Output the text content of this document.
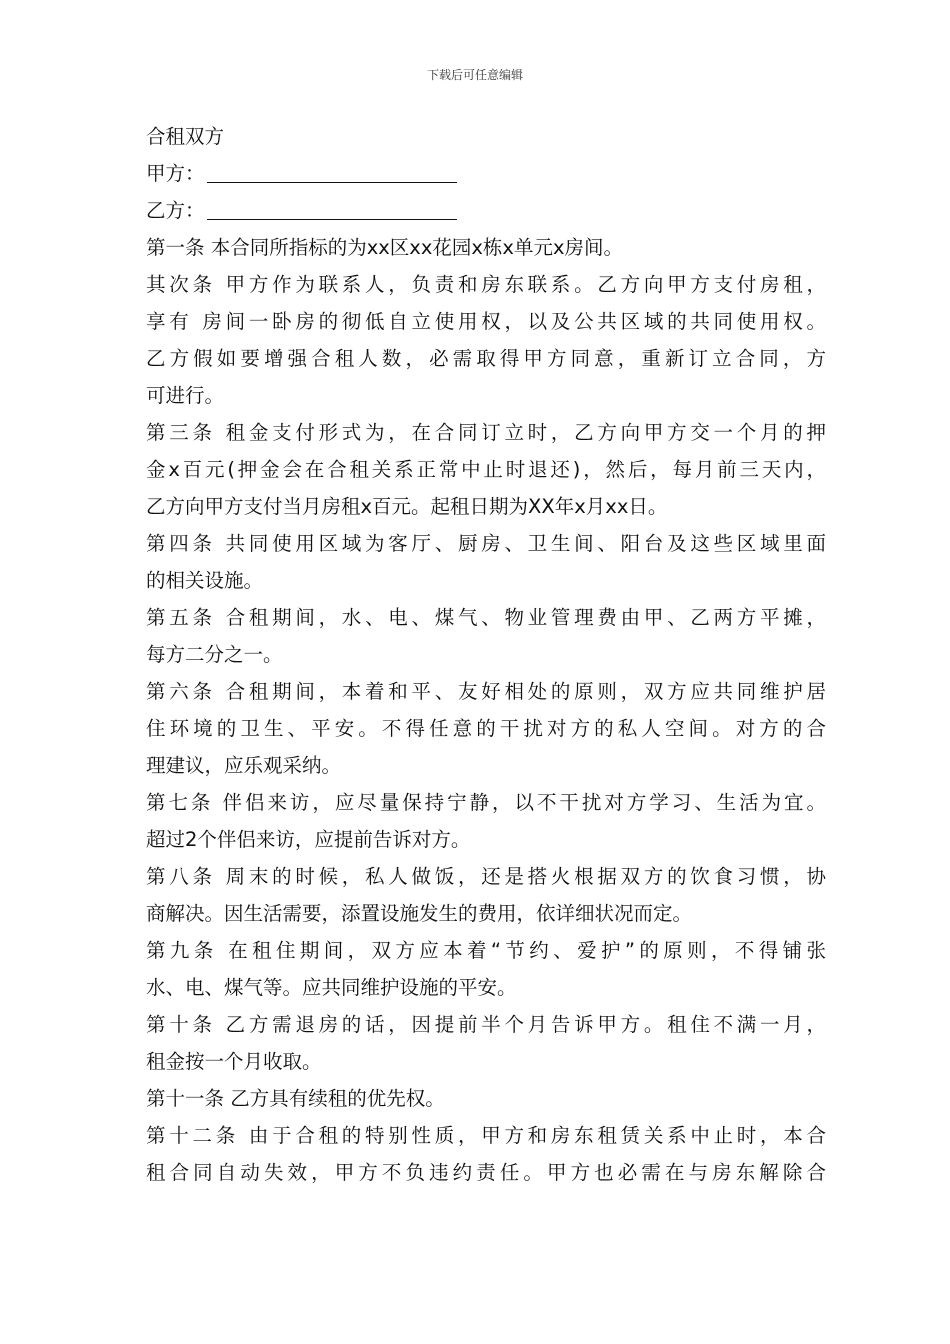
下载后可任意编辑
合租双方
甲方：
乙方：
第一条 本合同所指标的为xx区xx花园x栋x单元x房间。
其次条 甲方作为联系人，负责和房东联系。乙方向甲方支付房租，
享有 房间一卧房的彻低自立使用权，以及公共区域的共同使用权。
乙方假如要增强合租人数，必需取得甲方同意，重新订立合同，方
可进行。
第三条 租金支付形式为，在合同订立时，乙方向甲方交一个月的押
金x百元(押金会在合租关系正常中止时退还)，然后，每月前三天内，
乙方向甲方支付当月房租x百元。起租日期为XX年x月xx日。
第四条 共同使用区域为客厅、厨房、卫生间、阳台及这些区域里面
的相关设施。
第五条 合租期间，水、电、煤气、物业管理费由甲、乙两方平摊，
每方二分之一。
第六条 合租期间，本着和平、友好相处的原则，双方应共同维护居
住环境的卫生、平安。不得任意的干扰对方的私人空间。对方的合
理建议，应乐观采纳。
第七条 伴侣来访，应尽量保持宁静，以不干扰对方学习、生活为宜。
超过2个伴侣来访，应提前告诉对方。
第八条 周末的时候，私人做饭，还是搭火根据双方的饮食习惯，协
商解决。因生活需要，添置设施发生的费用，依详细状况而定。
第九条 在租住期间，双方应本着“节约、爱护”的原则，不得铺张
水、电、煤气等。应共同维护设施的平安。
第十条 乙方需退房的话，因提前半个月告诉甲方。租住不满一月，
租金按一个月收取。
第十一条 乙方具有续租的优先权。
第十二条 由于合租的特别性质，甲方和房东租赁关系中止时，本合
租合同自动失效，甲方不负违约责任。甲方也必需在与房东解除合
